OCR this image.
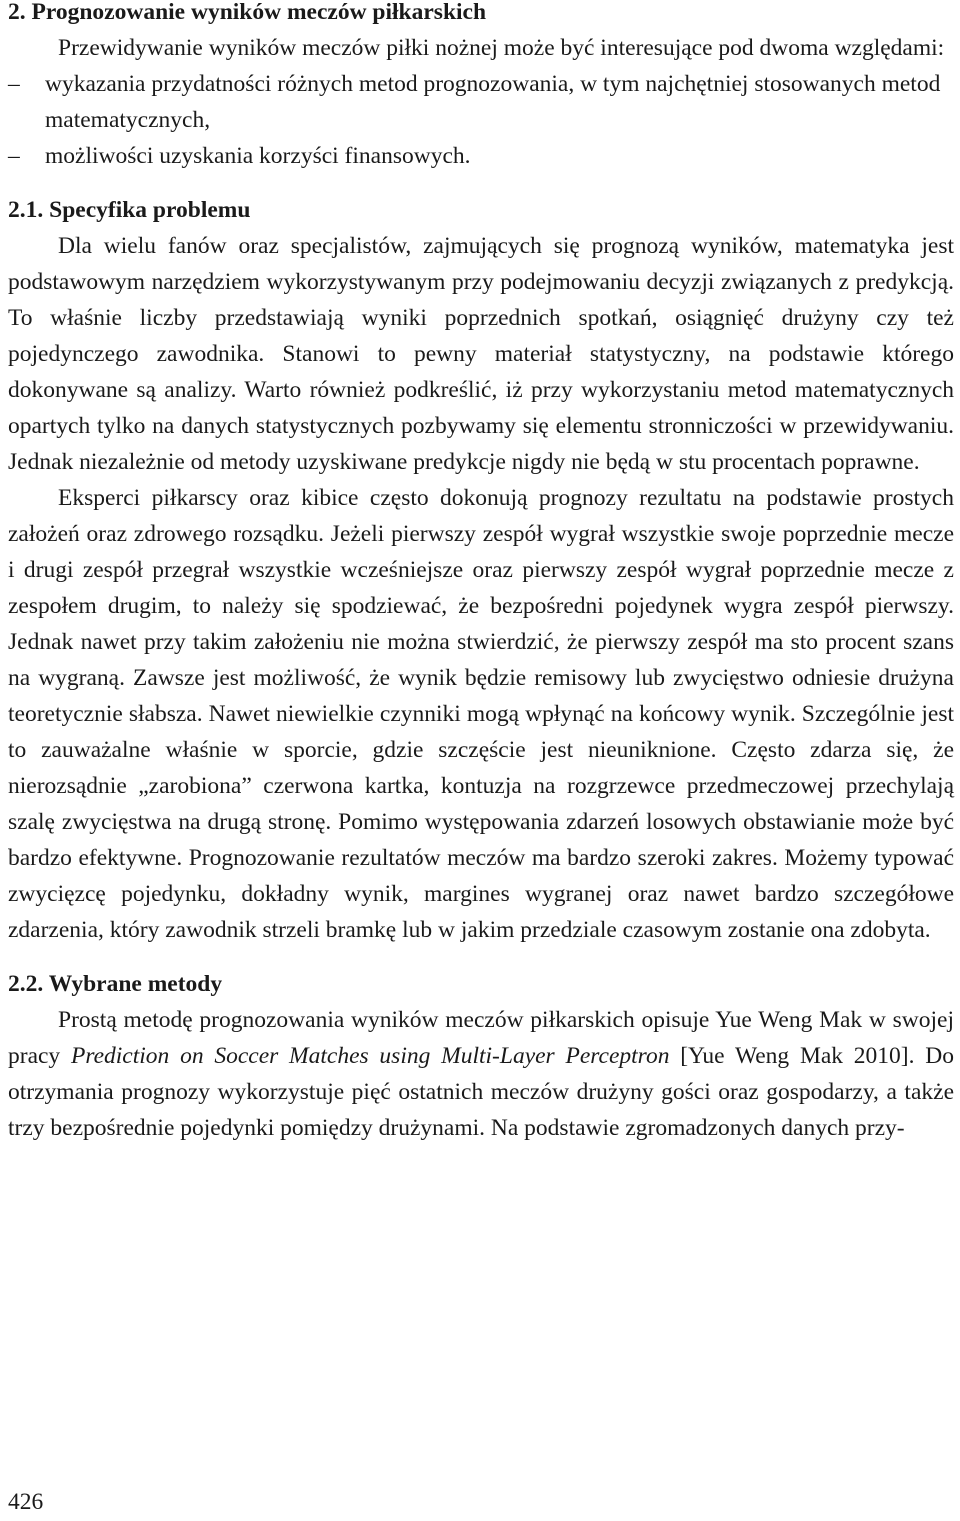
2. Prognozowanie wyników meczów piłkarskich

Przewidywanie wyników meczów piłki nożnej może być interesujące pod dwoma względami:

– wykazania przydatności różnych metod prognozowania, w tym najchętniej stosowanych metod matematycznych,
– możliwości uzyskania korzyści finansowych.
2.1. Specyfika problemu

Dla wielu fanów oraz specjalistów, zajmujących się prognozą wyników, matematyka jest podstawowym narzędziem wykorzystywanym przy podejmowaniu decyzji związanych z predykcją. To właśnie liczby przedstawiają wyniki poprzednich spotkań, osiągnięć drużyny czy też pojedynczego zawodnika. Stanowi to pewny materiał statystyczny, na podstawie którego dokonywane są analizy. Warto również podkreślić, iż przy wykorzystaniu metod matematycznych opartych tylko na danych statystycznych pozbywamy się elementu stronniczości w przewidywaniu. Jednak niezależnie od metody uzyskiwane predykcje nigdy nie będą w stu procentach poprawne.

Eksperci piłkarscy oraz kibice często dokonują prognozy rezultatu na podstawie prostych założeń oraz zdrowego rozsądku. Jeżeli pierwszy zespół wygrał wszystkie swoje poprzednie mecze i drugi zespół przegrał wszystkie wcześniejsze oraz pierwszy zespół wygrał poprzednie mecze z zespołem drugim, to należy się spodziewać, że bezpośredni pojedynek wygra zespół pierwszy. Jednak nawet przy takim założeniu nie można stwierdzić, że pierwszy zespół ma sto procent szans na wygraną. Zawsze jest możliwość, że wynik będzie remisowy lub zwycięstwo odniesie drużyna teoretycznie słabsza. Nawet niewielkie czynniki mogą wpłynąć na końcowy wynik. Szczególnie jest to zauważalne właśnie w sporcie, gdzie szczęście jest nieuniknione. Często zdarza się, że nierozsądnie „zarobiona” czerwona kartka, kontuzja na rozgrzewce przedmeczowej przechylają szalę zwycięstwa na drugą stronę. Pomimo występowania zdarzeń losowych obstawianie może być bardzo efektywne. Prognozowanie rezultatów meczów ma bardzo szeroki zakres. Możemy typować zwycięzcę pojedynku, dokładny wynik, margines wygranej oraz nawet bardzo szczegółowe zdarzenia, który zawodnik strzeli bramkę lub w jakim przedziale czasowym zostanie ona zdobyta.

2.2. Wybrane metody

Prostą metodę prognozowania wyników meczów piłkarskich opisuje Yue Weng Mak w swojej pracy Prediction on Soccer Matches using Multi-Layer Perceptron [Yue Weng Mak 2010]. Do otrzymania prognozy wykorzystuje pięć ostatnich meczów drużyny gości oraz gospodarzy, a także trzy bezpośrednie pojedynki pomiędzy drużynami. Na podstawie zgromadzonych danych przy-

426
